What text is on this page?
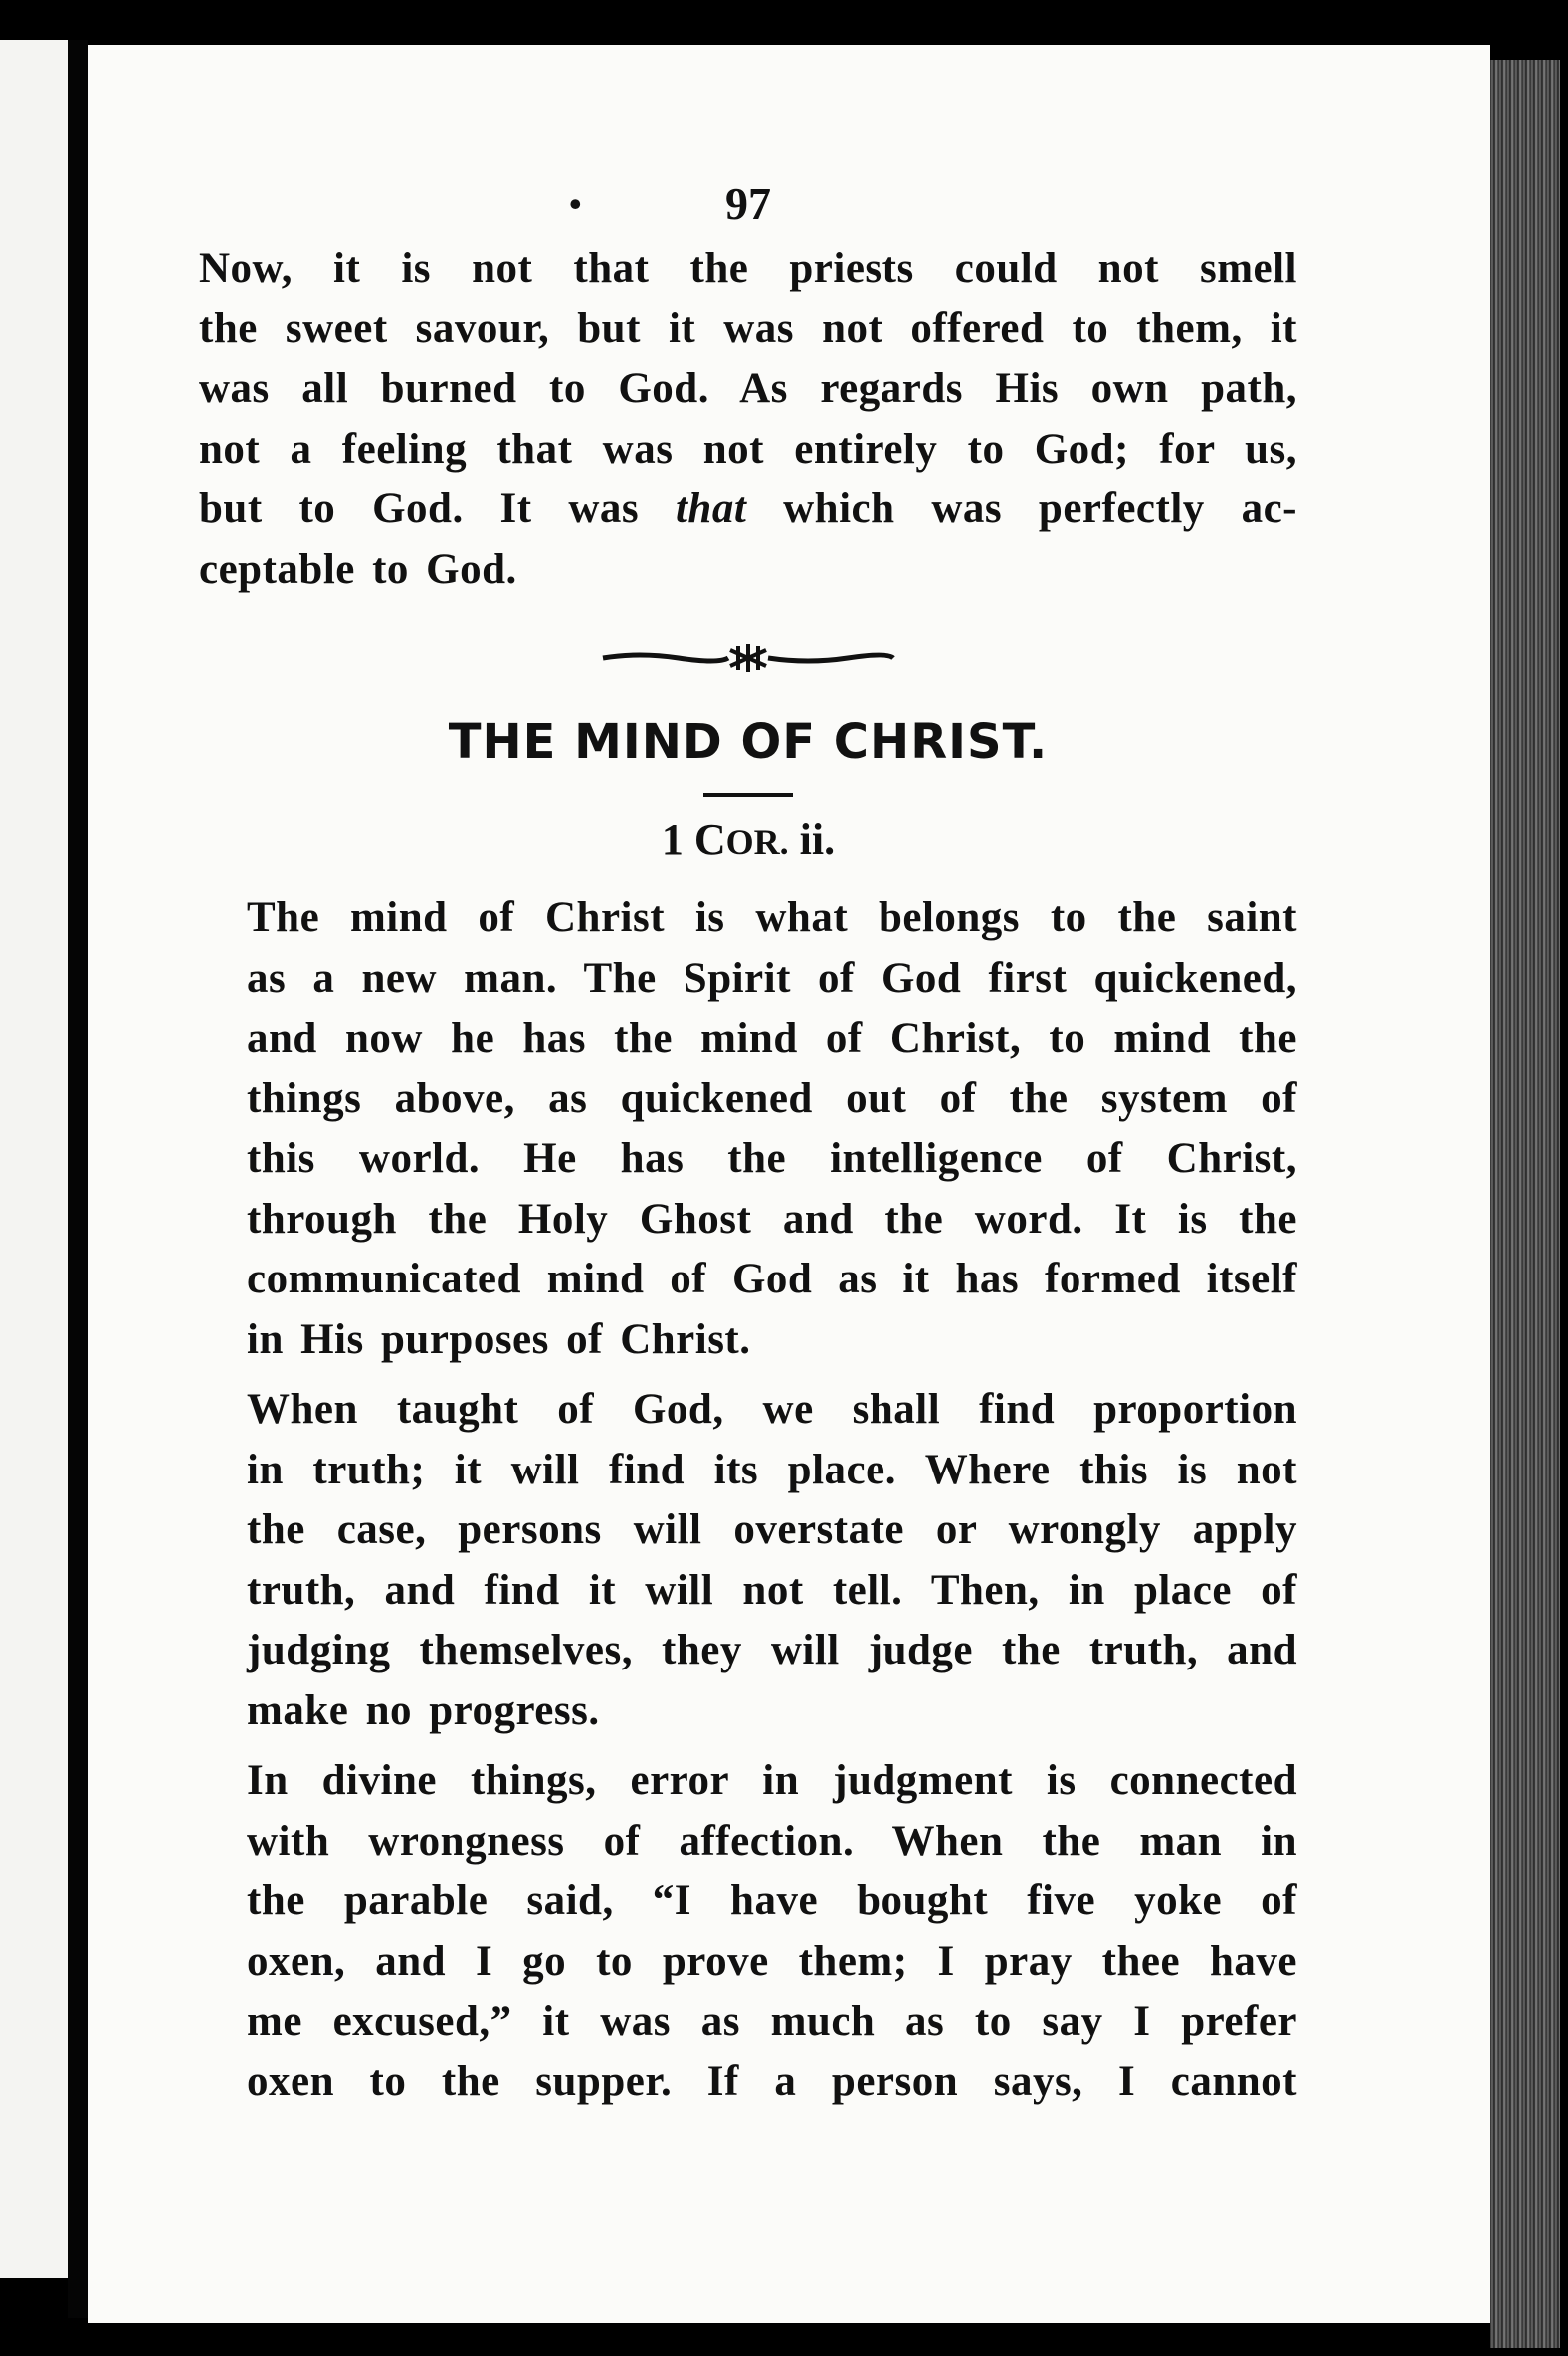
•	97

Now, it is not that the priests could not smell
the sweet savour, but it was not offered to them, it
was all burned to God. As regards His own path,
not a feeling that was not entirely to God; for us,
but to God. It was that which was perfectly ac-
ceptable to God.

THE MIND OF CHRIST.
1 COR. ii.

The mind of Christ is what belongs to the saint
as a new man. The Spirit of God first quickened,
and now he has the mind of Christ, to mind the
things above, as quickened out of the system of
this world. He has the intelligence of Christ,
through the Holy Ghost and the word. It is the
communicated mind of God as it has formed itself
in His purposes of Christ.

When taught of God, we shall find proportion
in truth; it will find its place. Where this is not
the case, persons will overstate or wrongly apply
truth, and find it will not tell. Then, in place of
judging themselves, they will judge the truth, and
make no progress.

In divine things, error in judgment is connected
with wrongness of affection. When the man in
the parable said, “I have bought five yoke of
oxen, and I go to prove them; I pray thee have
me excused,” it was as much as to say I prefer
oxen to the supper. If a person says, I cannot
